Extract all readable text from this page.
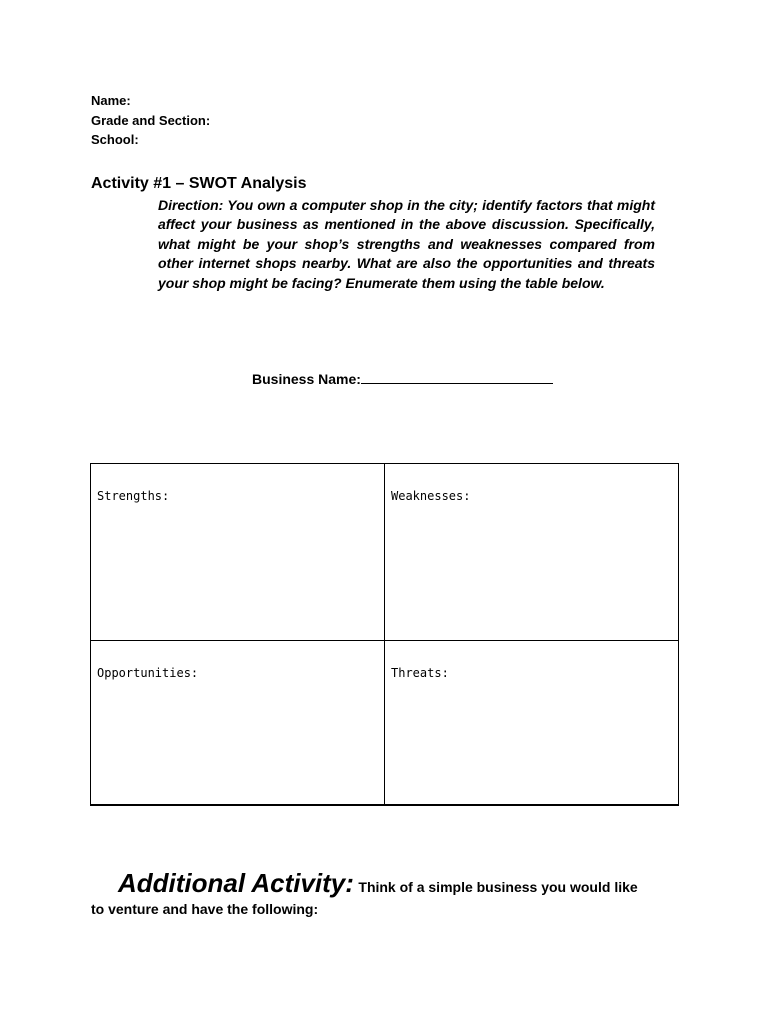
Name:
Grade and Section:
School:
Activity #1 – SWOT Analysis
Direction: You own a computer shop in the city; identify factors that might affect your business as mentioned in the above discussion. Specifically, what might be your shop’s strengths and weaknesses compared from other internet shops nearby. What are also the opportunities and threats your shop might be facing? Enumerate them using the table below.
Business Name:
Strengths:	Weaknesses:

Opportunities:	Threats:
Additional Activity: Think of a simple business you would like
to venture and have the following:
